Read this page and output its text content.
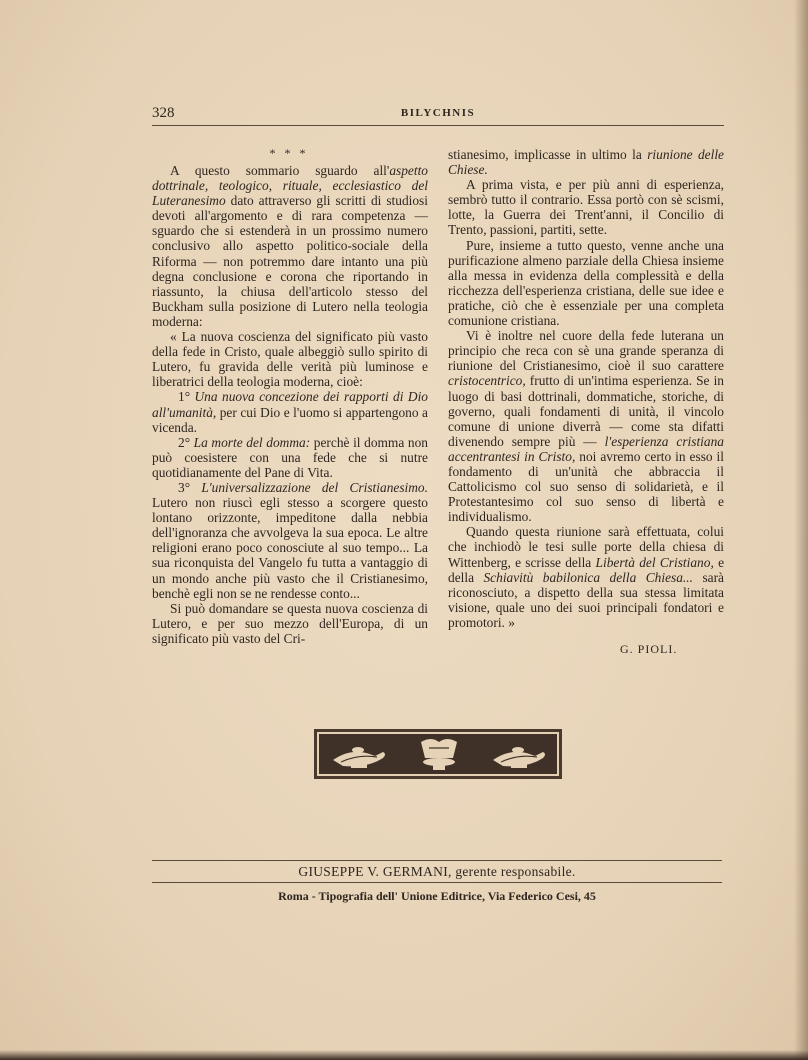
328	BILYCHNIS
* * *

A questo sommario sguardo all'aspetto dottrinale, teologico, rituale, ecclesiastico del Luteranesimo dato attraverso gli scritti di studiosi devoti all'argomento e di rara competenza — sguardo che si estenderà in un prossimo numero conclusivo allo aspetto politico-sociale della Riforma — non potremmo dare intanto una più degna conclusione e corona che riportando in riassunto, la chiusa dell'articolo stesso del Buckham sulla posizione di Lutero nella teologia moderna:

« La nuova coscienza del significato più vasto della fede in Cristo, quale albeggiò sullo spirito di Lutero, fu gravida delle verità più luminose e liberatrici della teologia moderna, cioè:

1° Una nuova concezione dei rapporti di Dio all'umanità, per cui Dio e l'uomo si appartengono a vicenda.

2° La morte del domma: perchè il domma non può coesistere con una fede che si nutre quotidianamente del Pane di Vita.

3° L'universalizzazione del Cristianesimo. Lutero non riuscì egli stesso a scorgere questo lontano orizzonte, impeditone dalla nebbia dell'ignoranza che avvolgeva la sua epoca. Le altre religioni erano poco conosciute al suo tempo... La sua riconquista del Vangelo fu tutta a vantaggio di un mondo anche più vasto che il Cristianesimo, benchè egli non se ne rendesse conto...

Si può domandare se questa nuova coscienza di Lutero, e per suo mezzo dell'Europa, di un significato più vasto del Cri-

stianesimo, implicasse in ultimo la riunione delle Chiese.

A prima vista, e per più anni di esperienza, sembrò tutto il contrario. Essa portò con sè scismi, lotte, la Guerra dei Trent'anni, il Concilio di Trento, passioni, partiti, sette.

Pure, insieme a tutto questo, venne anche una purificazione almeno parziale della Chiesa insieme alla messa in evidenza della complessità e della ricchezza dell'esperienza cristiana, delle sue idee e pratiche, ciò che è essenziale per una completa comunione cristiana.

Vi è inoltre nel cuore della fede luterana un principio che reca con sè una grande speranza di riunione del Cristianesimo, cioè il suo carattere cristocentrico, frutto di un'intima esperienza. Se in luogo di basi dottrinali, dommatiche, storiche, di governo, quali fondamenti di unità, il vincolo comune di unione diverrà — come sta difatti divenendo sempre più — l'esperienza cristiana accentrantesi in Cristo, noi avremo certo in esso il fondamento di un'unità che abbraccia il Cattolicismo col suo senso di solidarietà, e il Protestantesimo col suo senso di libertà e individualismo.

Quando questa riunione sarà effettuata, colui che inchiodò le tesi sulle porte della chiesa di Wittenberg, e scrisse della Libertà del Cristiano, e della Schiavitù babilonica della Chiesa... sarà riconosciuto, a dispetto della sua stessa limitata visione, quale uno dei suoi principali fondatori e promotori. »

G. PIOLI.
GIUSEPPE V. GERMANI, gerente responsabile.
Roma - Tipografia dell' Unione Editrice, Via Federico Cesi, 45
